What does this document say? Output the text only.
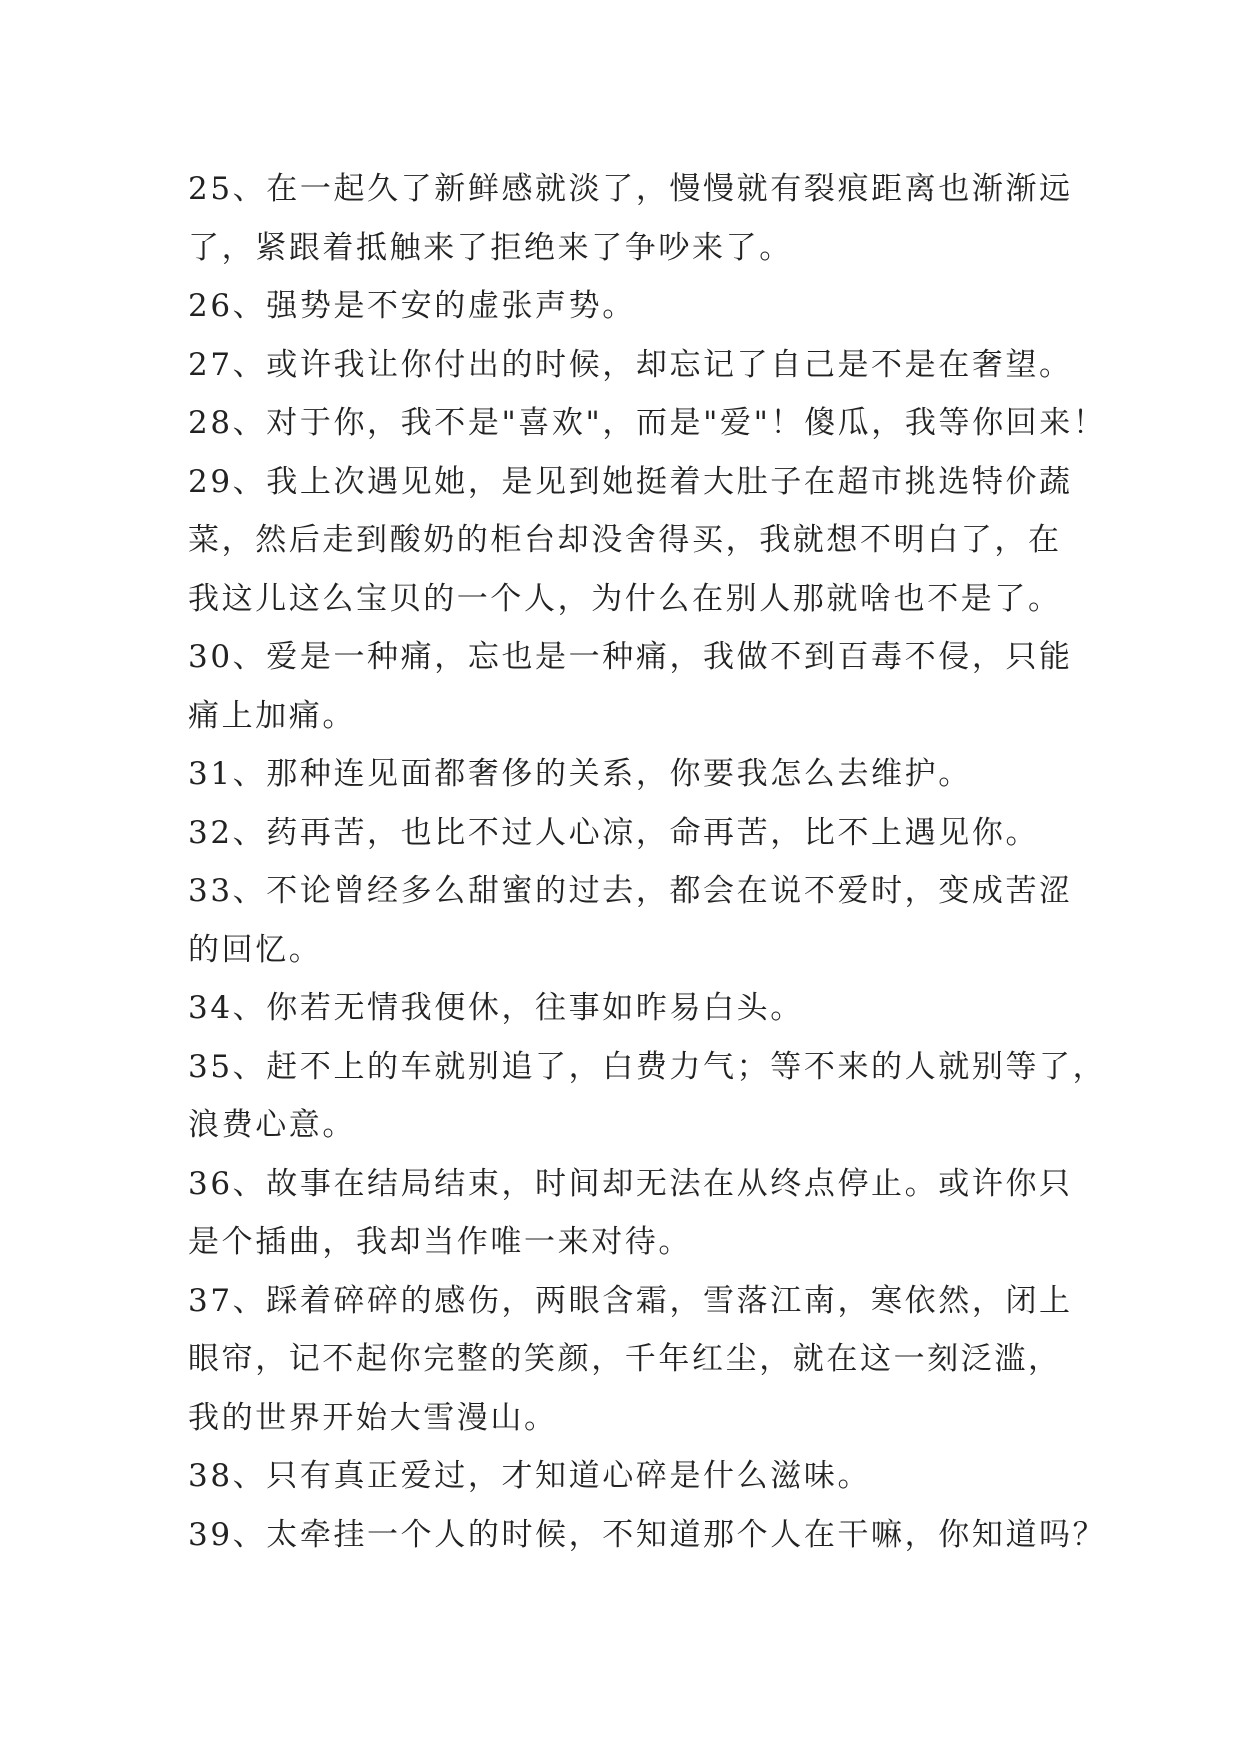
25、在一起久了新鲜感就淡了，慢慢就有裂痕距离也渐渐远
了，紧跟着抵触来了拒绝来了争吵来了。
26、强势是不安的虚张声势。
27、或许我让你付出的时候，却忘记了自己是不是在奢望。
28、对于你，我不是"喜欢"，而是"爱"！傻瓜，我等你回来！
29、我上次遇见她，是见到她挺着大肚子在超市挑选特价蔬
菜，然后走到酸奶的柜台却没舍得买，我就想不明白了，在
我这儿这么宝贝的一个人，为什么在别人那就啥也不是了。
30、爱是一种痛，忘也是一种痛，我做不到百毒不侵，只能
痛上加痛。
31、那种连见面都奢侈的关系，你要我怎么去维护。
32、药再苦，也比不过人心凉，命再苦，比不上遇见你。
33、不论曾经多么甜蜜的过去，都会在说不爱时，变成苦涩
的回忆。
34、你若无情我便休，往事如昨易白头。
35、赶不上的车就别追了，白费力气；等不来的人就别等了，
浪费心意。
36、故事在结局结束，时间却无法在从终点停止。或许你只
是个插曲，我却当作唯一来对待。
37、踩着碎碎的感伤，两眼含霜，雪落江南，寒依然，闭上
眼帘，记不起你完整的笑颜，千年红尘，就在这一刻泛滥，
我的世界开始大雪漫山。
38、只有真正爱过，才知道心碎是什么滋味。
39、太牵挂一个人的时候，不知道那个人在干嘛，你知道吗？
